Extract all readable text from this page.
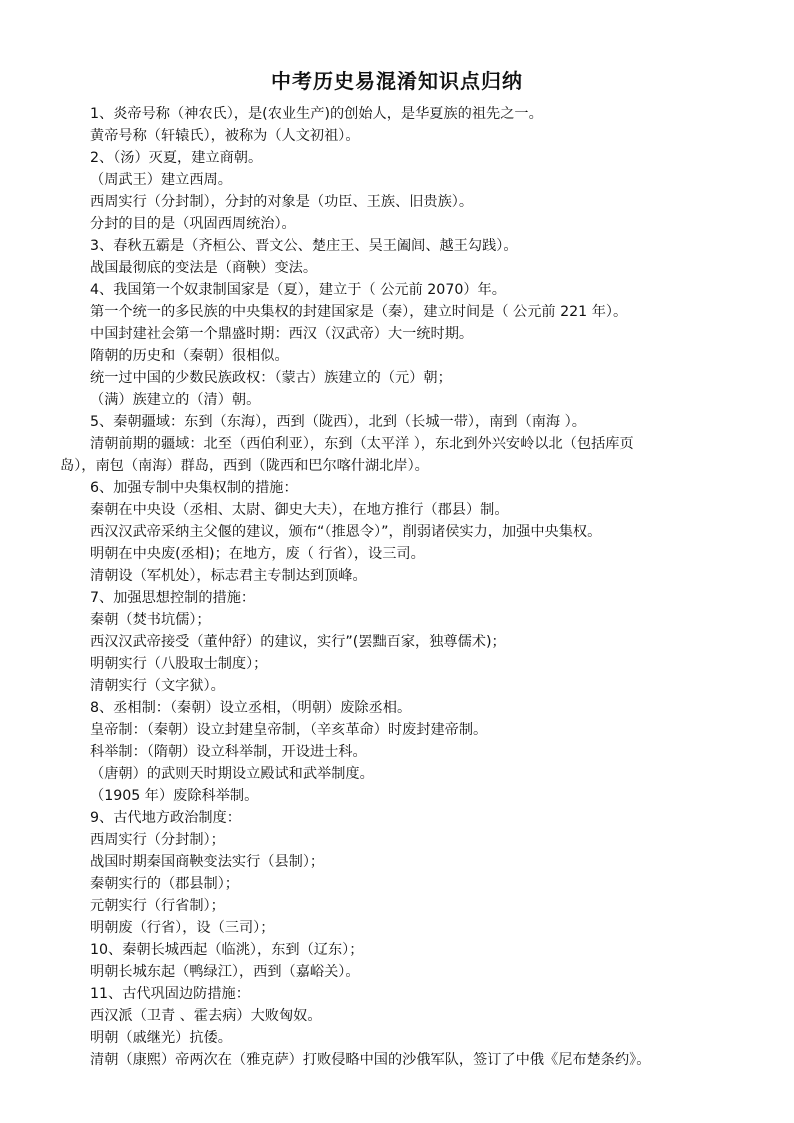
中考历史易混淆知识点归纳
1、炎帝号称（神农氏），是(农业生产)的创始人，是华夏族的祖先之一。
黄帝号称（轩辕氏），被称为（人文初祖）。
2、（汤）灭夏，建立商朝。
（周武王）建立西周。
西周实行（分封制），分封的对象是（功臣、王族、旧贵族）。
分封的目的是（巩固西周统治）。
3、春秋五霸是（齐桓公、晋文公、楚庄王、吴王阖闾、越王勾践）。
战国最彻底的变法是（商鞅）变法。
4、我国第一个奴隶制国家是（夏），建立于（ 公元前 2070）年。
第一个统一的多民族的中央集权的封建国家是（秦），建立时间是（ 公元前 221 年）。
中国封建社会第一个鼎盛时期：西汉（汉武帝）大一统时期。
隋朝的历史和（秦朝）很相似。
统一过中国的少数民族政权：（蒙古）族建立的（元）朝；
（满）族建立的（清）朝。
5、秦朝疆域：东到（东海），西到（陇西），北到（长城一带），南到（南海 ）。
清朝前期的疆域：北至（西伯利亚），东到（太平洋 ），东北到外兴安岭以北（包括库页
岛），南包（南海）群岛，西到（陇西和巴尔喀什湖北岸）。
6、加强专制中央集权制的措施：
秦朝在中央设（丞相、太尉、御史大夫），在地方推行（郡县）制。
西汉汉武帝采纳主父偃的建议，颁布“（推恩令）”，削弱诸侯实力，加强中央集权。
明朝在中央废(丞相)；在地方，废（ 行省），设三司。
清朝设（军机处），标志君主专制达到顶峰。
7、加强思想控制的措施：
秦朝（焚书坑儒）；
西汉汉武帝接受（董仲舒）的建议，实行”(罢黜百家，独尊儒术)；
明朝实行（八股取士制度）；
清朝实行（文字狱）。
8、丞相制：（秦朝）设立丞相，（明朝）废除丞相。
皇帝制：（秦朝）设立封建皇帝制，（辛亥革命）时废封建帝制。
科举制：（隋朝）设立科举制，开设进士科。
（唐朝）的武则天时期设立殿试和武举制度。
（1905 年）废除科举制。
9、古代地方政治制度：
西周实行（分封制）；
战国时期秦国商鞅变法实行（县制）；
秦朝实行的（郡县制）；
元朝实行（行省制）；
明朝废（行省），设（三司）；
10、秦朝长城西起（临洮），东到（辽东）；
明朝长城东起（鸭绿江），西到（嘉峪关）。
11、古代巩固边防措施：
西汉派（卫青 、霍去病）大败匈奴。
明朝（戚继光）抗倭。
清朝（康熙）帝两次在（雅克萨）打败侵略中国的沙俄军队，签订了中俄《尼布楚条约》。
